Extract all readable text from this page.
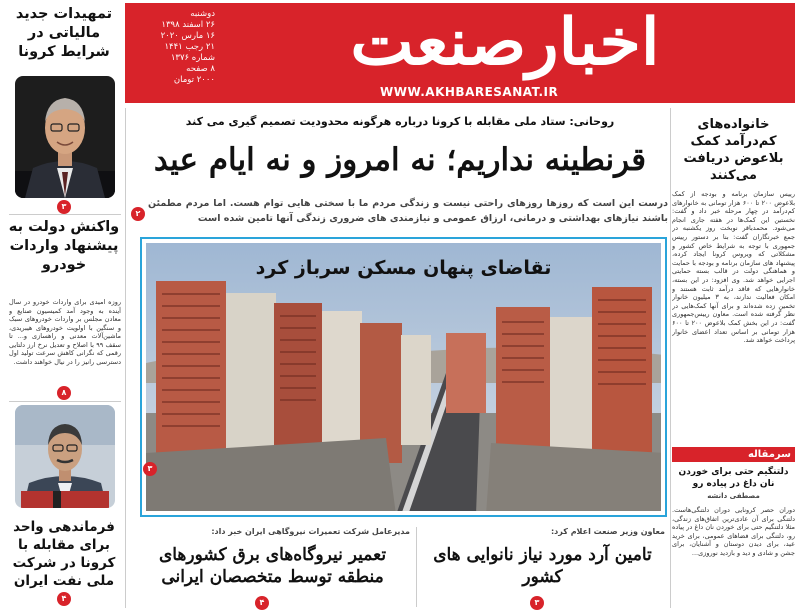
دوشنبه
۲۶ اسفند ۱۳۹۸
۱۶ مارس ۲۰۲۰
۲۱ رجب ۱۴۴۱
شماره ۱۳۷۶
۸ صفحه
۲۰۰۰ تومان	اخبارصنعت
WWW.AKHBARESANAT.IR
تمهیدات جدید مالیاتی در شرایط کرونا
۳
واکنش دولت به پیشنهاد واردات خودرو
روزه امیدی برای واردات خودرو در سال آینده به وجود آمد کمیسیون صنایع و معادن مجلس بر واردات خودروهای سبک و سنگین با اولویت خودروهای هیبریدی، ماشین‌آلات معدنی و راهسازی و... تا سقف ۹۹ با اصلاح و تعدیل نرخ ارز دلتایی رقمی که نگرانی کاهش سرعت تولید اول دسترسی رانیز را در نیال خواهند داشت.
۸
فرماندهی واحد برای مقابله با کرونا در شرکت ملی نفت ایران
۴
روحانی: ستاد ملی مقابله با کرونا درباره هرگونه محدودیت تصمیم گیری می کند
قرنطینه نداریم؛ نه امروز و نه ایام عید
۲
درست این است که روزها روزهای راحتی نیست و زندگی مردم ما با سختی هایی توام هست. اما مردم مطمئن باشند نیازهای بهداشتی و درمانی، ارزاق عمومی و نیازمندی های ضروری زندگی آنها تامین شده است
تقاضای پنهان مسکن سرباز کرد
۳
معاون وزیر صنعت اعلام کرد:
تامین آرد مورد نیاز نانوایی های کشور
۳
مدیرعامل شرکت تعمیرات نیروگاهی ایران خبر داد:
تعمیر نیروگاه‌های برق کشورهای منطقه توسط متخصصان ایرانی
۴
خانواده‌های کم‌درآمد کمک بلاعوض دریافت می‌کنند
رییس سازمان برنامه و بودجه از کمک بلاعوض ۲۰۰ تا ۶۰۰ هزار تومانی به خانوارهای کم‌درآمد در چهار مرحله خبر داد و گفت: نخستین این کمک‌ها در هفته جاری انجام می‌شود. محمدباقر نوبخت روز یکشنبه در جمع خبرنگاران گفت: بنا بر دستور رییس جمهوری با توجه به شرایط خاص کشور و مشکلاتی که ویروس کرونا ایجاد کرده، پیشنهاد های سازمان برنامه و بودجه با حمایت و هماهنگی دولت در قالب بسته حمایتی اجرایی خواهد شد. وی افزود: در این بسته، خانوارهایی که فاقد درآمد ثابت هستند و امکان فعالیت ندارند، به ۳ میلیون خانوار تخمین زده شده‌اند و برای آنها کمک‌هایی در نظر گرفته شده است. معاون رییس‌جمهوری گفت: در این بخش کمک بلاعوض ۲۰۰ تا ۶۰۰ هزار تومانی بر اساس تعداد اعضای خانوار پرداخت خواهد شد.
سرمقاله
دلتنگیم حتی برای خوردن نان داغ در پیاده رو
مصطفی دانشه
دوران حصر کرونایی دوران دلتنگی‌هاست. دلتنگی برای آن عادی‌ترین اتفاق‌های زندگی، مثلا دلتنگیم حتی برای خوردن نان داغ در پیاده رو، دلتنگی برای فضاهای عمومی، برای خرید عید، برای دیدن دوستان و آشنایان، برای جشن و شادی و دید و بازدید نوروزی...
